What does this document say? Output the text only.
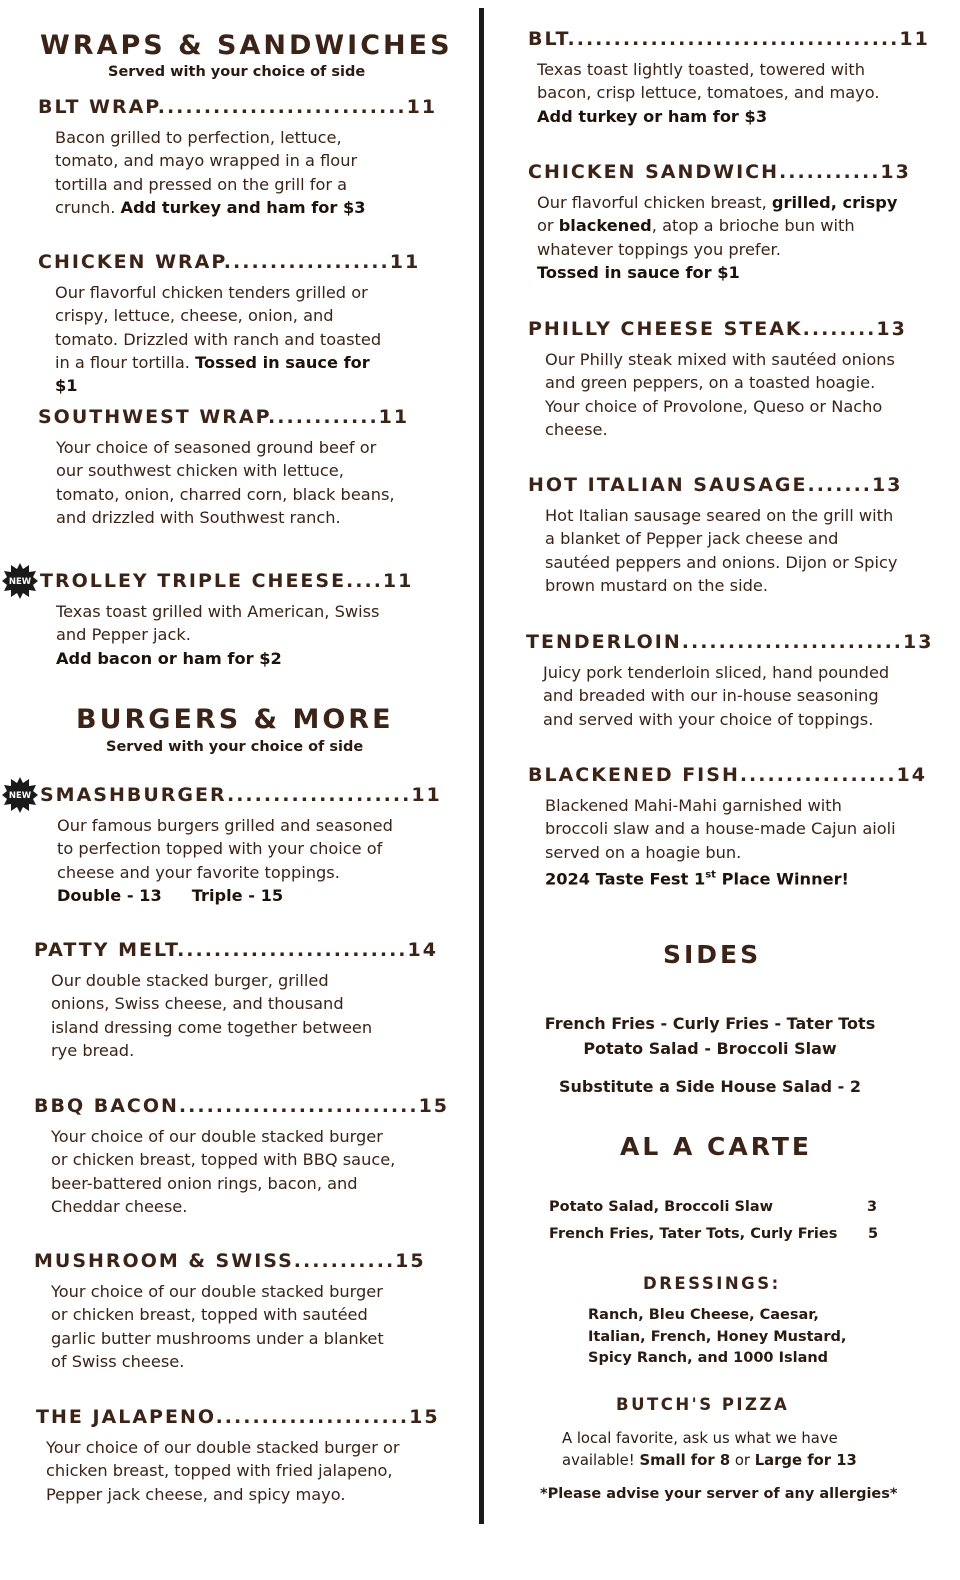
WRAPS & SANDWICHES
Served with your choice of side
BLT WRAP...........................11
Bacon grilled to perfection, lettuce, tomato, and mayo wrapped in a flour tortilla and pressed on the grill for a crunch. Add turkey and ham for $3
CHICKEN WRAP..................11
Our flavorful chicken tenders grilled or crispy, lettuce, cheese, onion, and tomato. Drizzled with ranch and toasted in a flour tortilla. Tossed in sauce for $1
SOUTHWEST WRAP............11
Your choice of seasoned ground beef or our southwest chicken with lettuce, tomato, onion, charred corn, black beans, and drizzled with Southwest ranch.
NEW TROLLEY TRIPLE CHEESE....11
Texas toast grilled with American, Swiss and Pepper jack.
Add bacon or ham for $2
BURGERS & MORE
Served with your choice of side
NEW SMASHBURGER....................11
Our famous burgers grilled and seasoned to perfection topped with your choice of cheese and your favorite toppings.
Double - 13 Triple - 15
PATTY MELT.........................14
Our double stacked burger, grilled onions, Swiss cheese, and thousand island dressing come together between rye bread.
BBQ BACON..........................15
Your choice of our double stacked burger or chicken breast, topped with BBQ sauce, beer-battered onion rings, bacon, and Cheddar cheese.
MUSHROOM & SWISS...........15
Your choice of our double stacked burger or chicken breast, topped with sautéed garlic butter mushrooms under a blanket of Swiss cheese.
THE JALAPENO.....................15
Your choice of our double stacked burger or chicken breast, topped with fried jalapeno, Pepper jack cheese, and spicy mayo.
BLT....................................11
Texas toast lightly toasted, towered with bacon, crisp lettuce, tomatoes, and mayo.
Add turkey or ham for $3
CHICKEN SANDWICH...........13
Our flavorful chicken breast, grilled, crispy or blackened, atop a brioche bun with whatever toppings you prefer.
Tossed in sauce for $1
PHILLY CHEESE STEAK........13
Our Philly steak mixed with sautéed onions and green peppers, on a toasted hoagie. Your choice of Provolone, Queso or Nacho cheese.
HOT ITALIAN SAUSAGE.......13
Hot Italian sausage seared on the grill with a blanket of Pepper jack cheese and sautéed peppers and onions. Dijon or Spicy brown mustard on the side.
TENDERLOIN........................13
Juicy pork tenderloin sliced, hand pounded and breaded with our in-house seasoning and served with your choice of toppings.
BLACKENED FISH.................14
Blackened Mahi-Mahi garnished with broccoli slaw and a house-made Cajun aioli served on a hoagie bun.
2024 Taste Fest 1st Place Winner!
SIDES
French Fries - Curly Fries - Tater Tots
Potato Salad - Broccoli Slaw
Substitute a Side House Salad - 2
AL A CARTE
Potato Salad, Broccoli Slaw	3
French Fries, Tater Tots, Curly Fries 5
DRESSINGS:
Ranch, Bleu Cheese, Caesar,
Italian, French, Honey Mustard,
Spicy Ranch, and 1000 Island
BUTCH'S PIZZA
A local favorite, ask us what we have
available! Small for 8 or Large for 13
*Please advise your server of any allergies*
